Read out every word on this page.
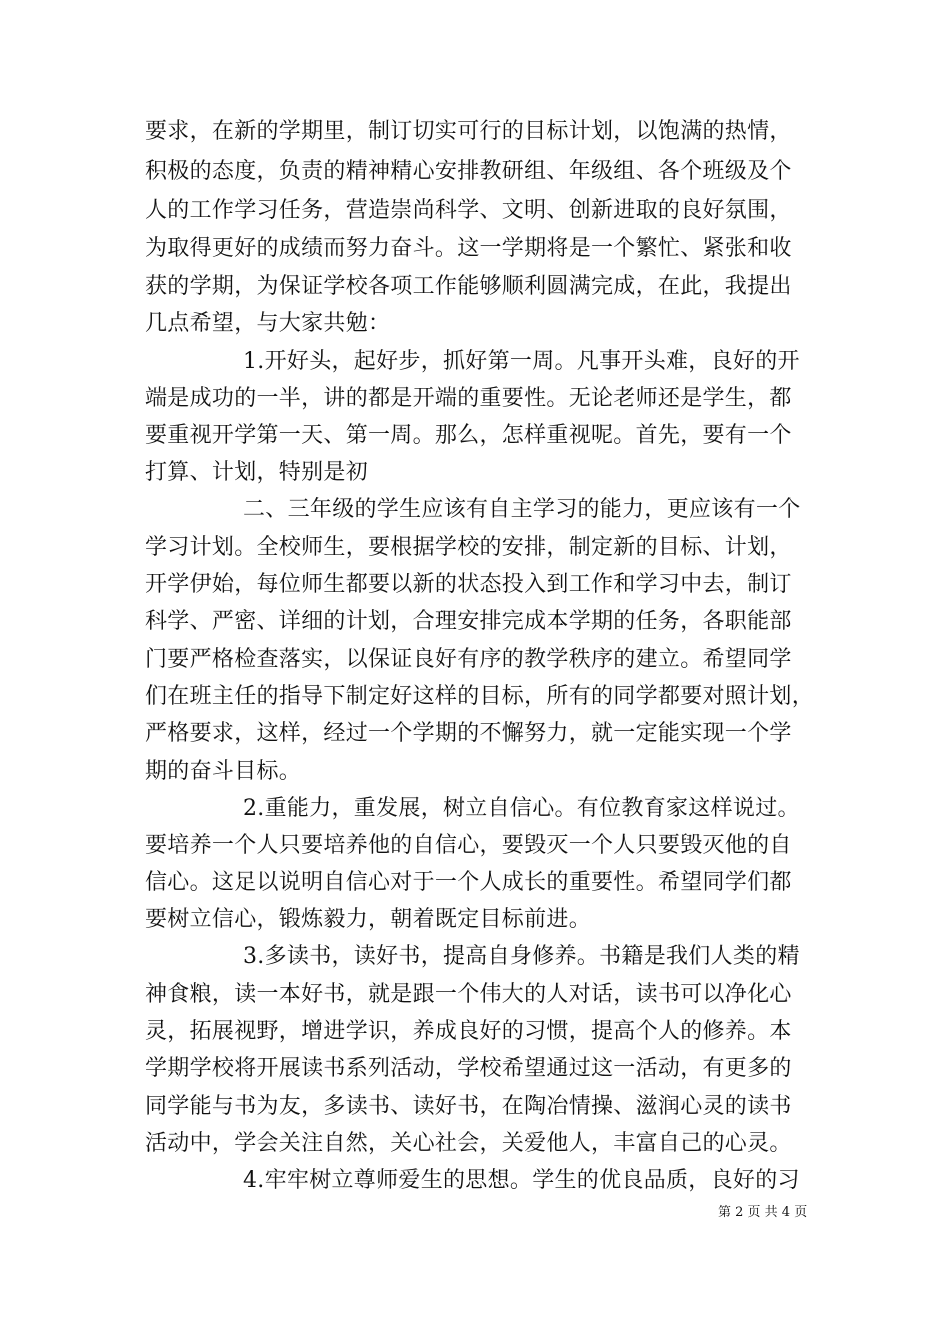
要求，在新的学期里，制订切实可行的目标计划，以饱满的热情，
积极的态度，负责的精神精心安排教研组、年级组、各个班级及个
人的工作学习任务，营造崇尚科学、文明、创新进取的良好氛围，
为取得更好的成绩而努力奋斗。这一学期将是一个繁忙、紧张和收
获的学期，为保证学校各项工作能够顺利圆满完成，在此，我提出
几点希望，与大家共勉：
1.开好头，起好步，抓好第一周。凡事开头难，良好的开
端是成功的一半，讲的都是开端的重要性。无论老师还是学生，都
要重视开学第一天、第一周。那么，怎样重视呢。首先，要有一个
打算、计划，特别是初
二、三年级的学生应该有自主学习的能力，更应该有一个
学习计划。全校师生，要根据学校的安排，制定新的目标、计划，
开学伊始，每位师生都要以新的状态投入到工作和学习中去，制订
科学、严密、详细的计划，合理安排完成本学期的任务，各职能部
门要严格检查落实，以保证良好有序的教学秩序的建立。希望同学
们在班主任的指导下制定好这样的目标，所有的同学都要对照计划，
严格要求，这样，经过一个学期的不懈努力，就一定能实现一个学
期的奋斗目标。
2.重能力，重发展，树立自信心。有位教育家这样说过。
要培养一个人只要培养他的自信心，要毁灭一个人只要毁灭他的自
信心。这足以说明自信心对于一个人成长的重要性。希望同学们都
要树立信心，锻炼毅力，朝着既定目标前进。
3.多读书，读好书，提高自身修养。书籍是我们人类的精
神食粮，读一本好书，就是跟一个伟大的人对话，读书可以净化心
灵，拓展视野，增进学识，养成良好的习惯，提高个人的修养。本
学期学校将开展读书系列活动，学校希望通过这一活动，有更多的
同学能与书为友，多读书、读好书，在陶冶情操、滋润心灵的读书
活动中，学会关注自然，关心社会，关爱他人，丰富自己的心灵。
4.牢牢树立尊师爱生的思想。学生的优良品质，良好的习
第 2 页 共 4 页
